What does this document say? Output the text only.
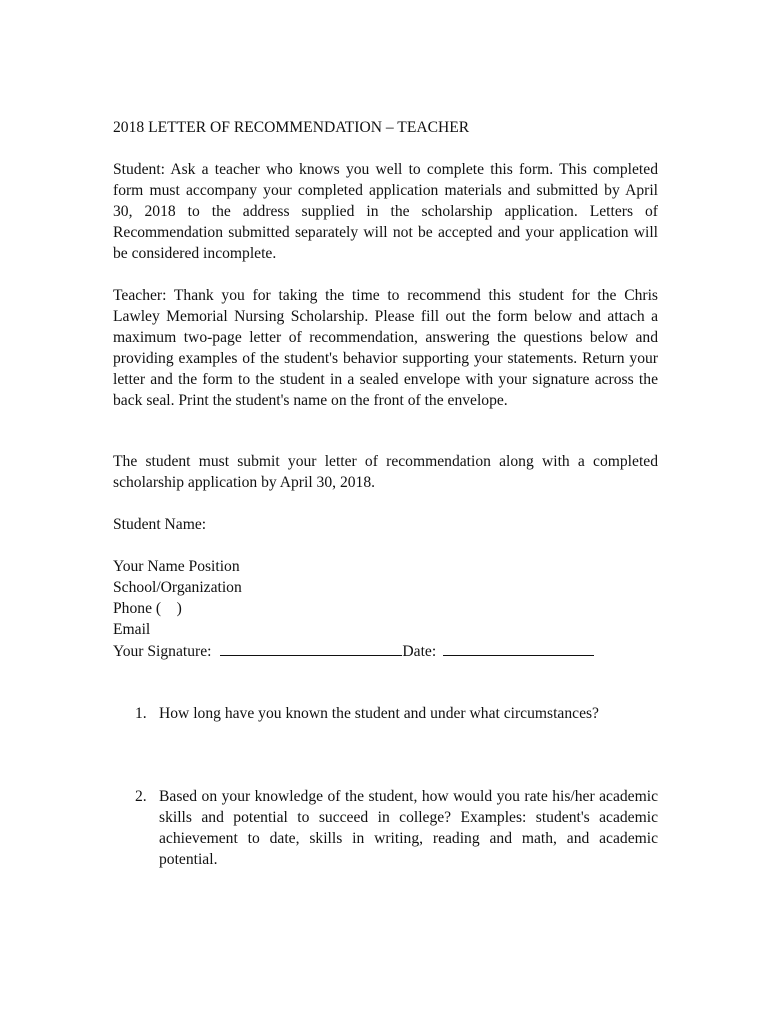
2018 LETTER OF RECOMMENDATION – TEACHER

Student: Ask a teacher who knows you well to complete this form. This completed form must accompany your completed application materials and submitted by April 30, 2018 to the address supplied in the scholarship application. Letters of Recommendation submitted separately will not be accepted and your application will be considered incomplete.

Teacher: Thank you for taking the time to recommend this student for the Chris Lawley Memorial Nursing Scholarship. Please fill out the form below and attach a maximum two-page letter of recommendation, answering the questions below and providing examples of the student's behavior supporting your statements. Return your letter and the form to the student in a sealed envelope with your signature across the back seal. Print the student's name on the front of the envelope.

The student must submit your letter of recommendation along with a completed scholarship application by April 30, 2018.

Student Name:
Your Name Position
School/Organization
Phone (    )
Email
Your Signature:	Date:
1. How long have you known the student and under what circumstances?
2. Based on your knowledge of the student, how would you rate his/her academic skills and potential to succeed in college? Examples: student's academic achievement to date, skills in writing, reading and math, and academic potential.
